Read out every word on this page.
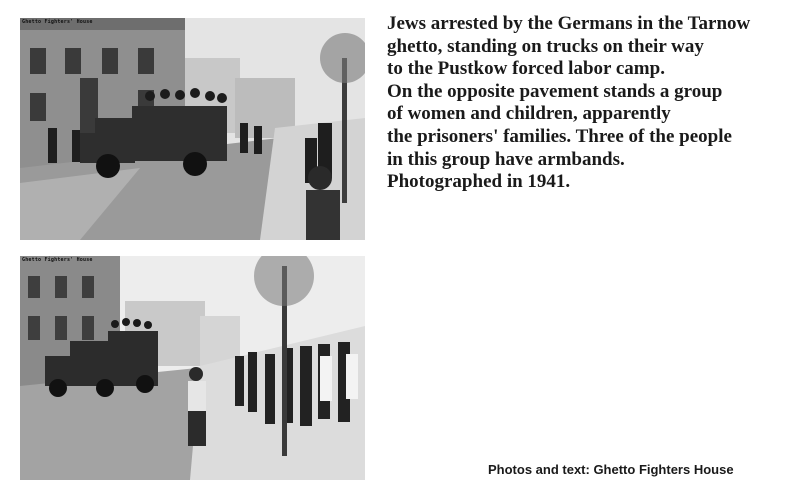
Ghetto Fighters' House
Ghetto Fighters' House

Jews arrested by the Germans in the Tarnow
ghetto, standing on trucks on their way
to the Pustkow forced labor camp.
On the opposite pavement stands a group
of women and children, apparently
the prisoners' families. Three of the people
in this group have armbands.
Photographed in 1941.

Photos and text: Ghetto Fighters House
